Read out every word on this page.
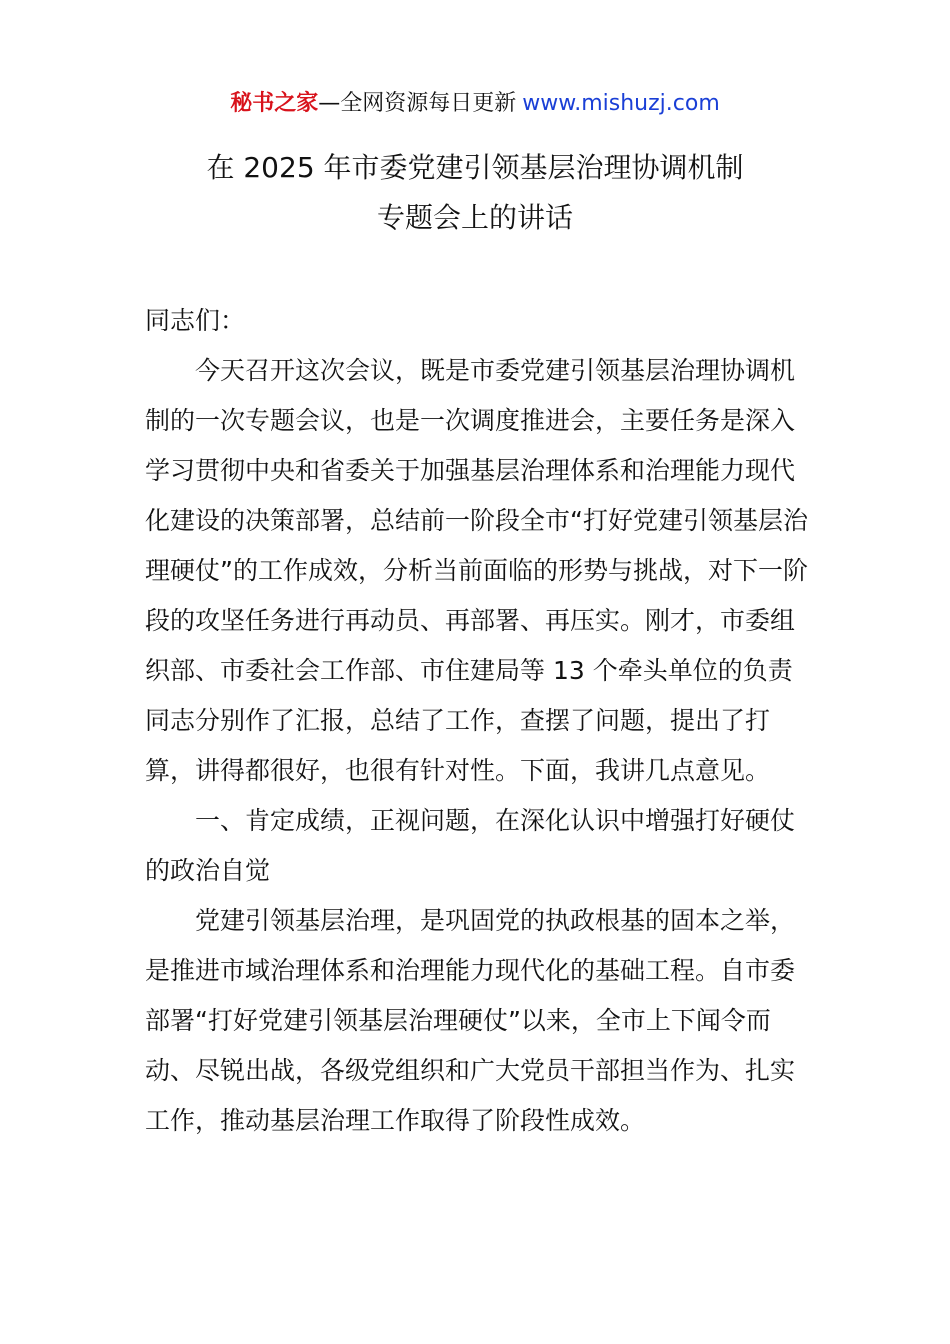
秘书之家—全网资源每日更新 www.mishuzj.com
在 2025 年市委党建引领基层治理协调机制
专题会上的讲话

同志们：

今天召开这次会议，既是市委党建引领基层治理协调机制的一次专题会议，也是一次调度推进会，主要任务是深入学习贯彻中央和省委关于加强基层治理体系和治理能力现代化建设的决策部署，总结前一阶段全市“打好党建引领基层治理硬仗”的工作成效，分析当前面临的形势与挑战，对下一阶段的攻坚任务进行再动员、再部署、再压实。刚才，市委组织部、市委社会工作部、市住建局等 13 个牵头单位的负责同志分别作了汇报，总结了工作，查摆了问题，提出了打算，讲得都很好，也很有针对性。下面，我讲几点意见。

一、肯定成绩，正视问题，在深化认识中增强打好硬仗的政治自觉

党建引领基层治理，是巩固党的执政根基的固本之举，是推进市域治理体系和治理能力现代化的基础工程。自市委部署“打好党建引领基层治理硬仗”以来，全市上下闻令而动、尽锐出战，各级党组织和广大党员干部担当作为、扎实工作，推动基层治理工作取得了阶段性成效。
